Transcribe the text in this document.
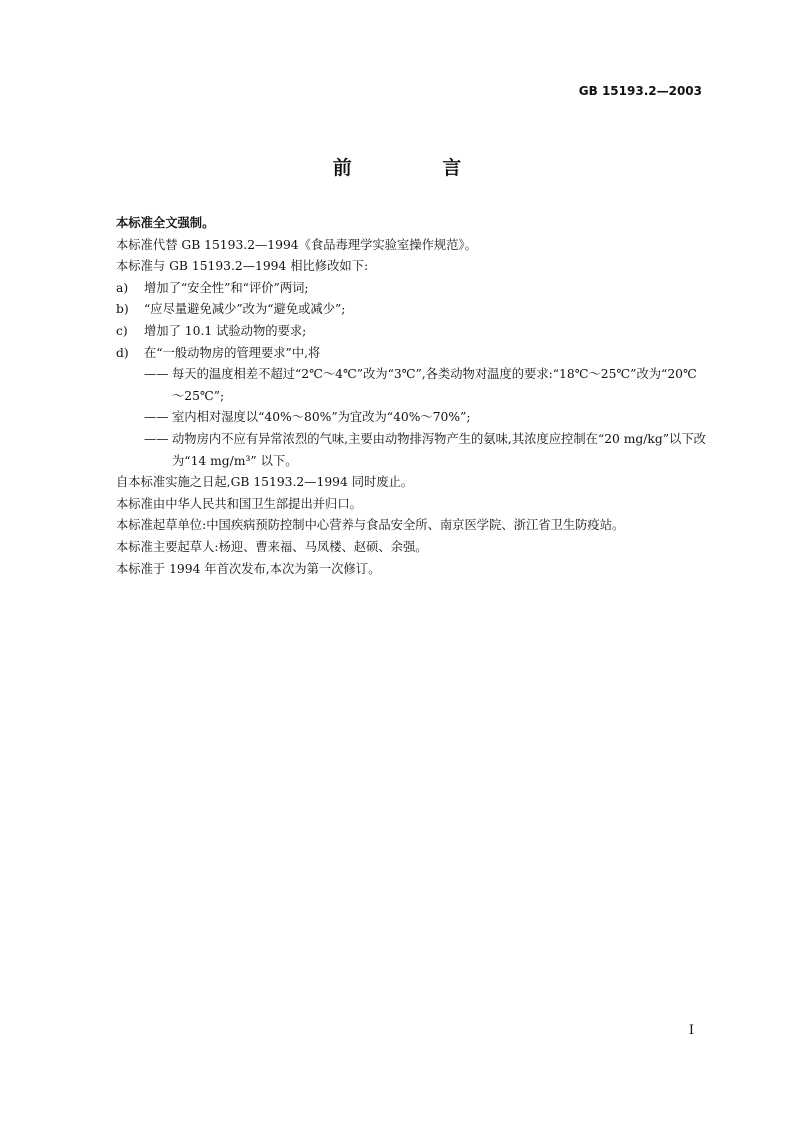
GB 15193.2—2003
前 言
本标准全文强制。
本标准代替 GB 15193.2—1994《食品毒理学实验室操作规范》。
本标准与 GB 15193.2—1994 相比修改如下:
a)	增加了“安全性”和“评价”两词;
b)	“应尽量避免减少”改为“避免或减少”;
c)	增加了 10.1 试验动物的要求;
d)	在“一般动物房的管理要求”中,将
—— 每天的温度相差不超过“2℃～4℃”改为“3℃”,各类动物对温度的要求:“18℃～25℃”改为“20℃～25℃”;
—— 室内相对湿度以“40%～80%”为宜改为“40%～70%”;
—— 动物房内不应有异常浓烈的气味,主要由动物排泻物产生的氨味,其浓度应控制在“20 mg/kg”以下改为“14 mg/m³” 以下。
自本标准实施之日起,GB 15193.2—1994 同时废止。
本标准由中华人民共和国卫生部提出并归口。
本标准起草单位:中国疾病预防控制中心营养与食品安全所、南京医学院、浙江省卫生防疫站。
本标准主要起草人:杨迎、曹来福、马凤楼、赵硕、余强。
本标准于 1994 年首次发布,本次为第一次修订。
I
